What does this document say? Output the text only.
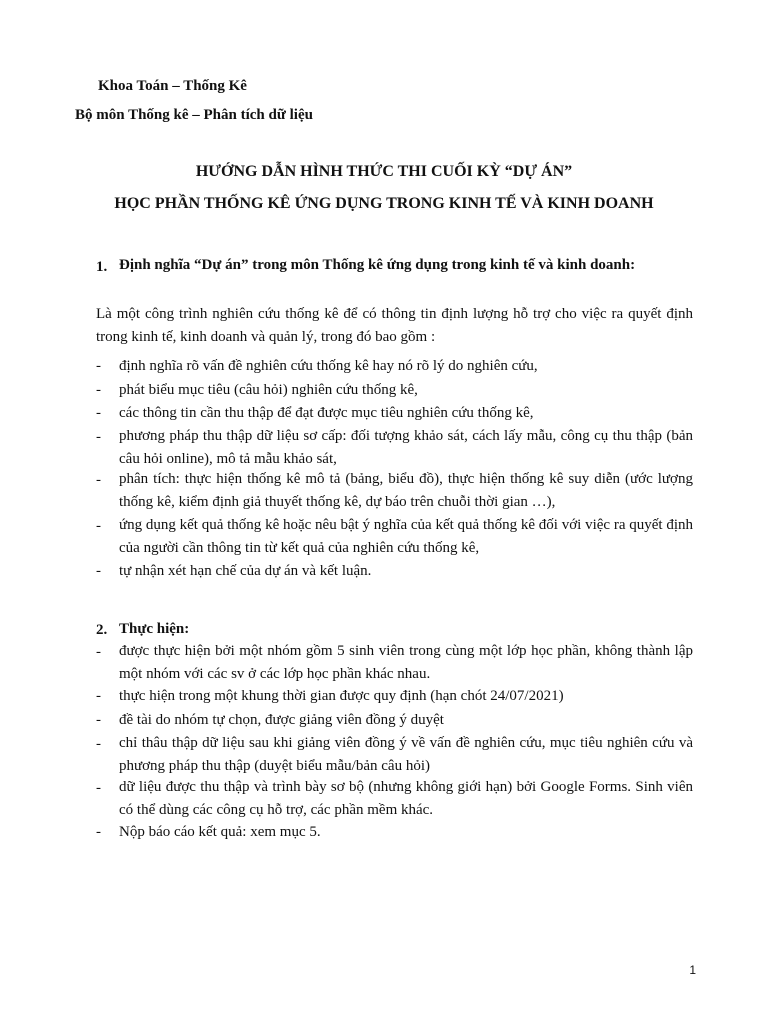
Khoa Toán – Thống Kê
Bộ môn Thống kê – Phân tích dữ liệu
HƯỚNG DẪN HÌNH THỨC THI CUỐI KỲ “DỰ ÁN”
HỌC PHẦN THỐNG KÊ ỨNG DỤNG TRONG KINH TẾ VÀ KINH DOANH
1. Định nghĩa “Dự án” trong môn Thống kê ứng dụng trong kinh tế và kinh doanh:
Là một công trình nghiên cứu thống kê để có thông tin định lượng hỗ trợ cho việc ra quyết định trong kinh tế, kinh doanh và quản lý, trong đó bao gồm :
- định nghĩa rõ vấn đề nghiên cứu thống kê hay nó rõ lý do nghiên cứu,
- phát biểu mục tiêu (câu hỏi) nghiên cứu thống kê,
- các thông tin cần thu thập để đạt được mục tiêu nghiên cứu thống kê,
- phương pháp thu thập dữ liệu sơ cấp: đối tượng khảo sát, cách lấy mẫu, công cụ thu thập (bản câu hỏi online), mô tả mẫu khảo sát,
- phân tích: thực hiện thống kê mô tả (bảng, biểu đồ), thực hiện thống kê suy diễn (ước lượng thống kê, kiểm định giả thuyết thống kê, dự báo trên chuỗi thời gian …),
- ứng dụng kết quả thống kê hoặc nêu bật ý nghĩa của kết quả thống kê đối với việc ra quyết định của người cần thông tin từ kết quả của nghiên cứu thống kê,
- tự nhận xét hạn chế của dự án và kết luận.
2. Thực hiện:
- được thực hiện bởi một nhóm gồm 5 sinh viên trong cùng một lớp học phần, không thành lập một nhóm với các sv ở các lớp học phần khác nhau.
- thực hiện trong một khung thời gian được quy định (hạn chót 24/07/2021)
- đề tài do nhóm tự chọn, được giảng viên đồng ý duyệt
- chỉ thâu thập dữ liệu sau khi giảng viên đồng ý về vấn đề nghiên cứu, mục tiêu nghiên cứu và phương pháp thu thập (duyệt biểu mẫu/bản câu hỏi)
- dữ liệu được thu thập và trình bày sơ bộ (nhưng không giới hạn) bởi Google Forms. Sinh viên có thể dùng các công cụ hỗ trợ, các phần mềm khác.
- Nộp báo cáo kết quả: xem mục 5.
1
